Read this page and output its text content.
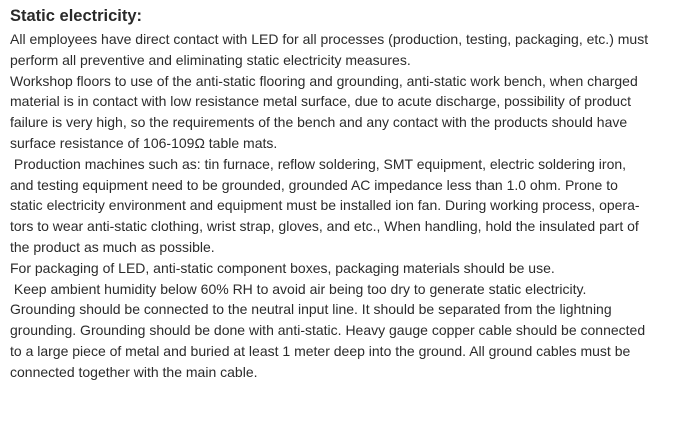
Static electricity:
All employees have direct contact with LED for all processes (production, testing, packaging, etc.) must
perform all preventive and eliminating static electricity measures.
Workshop floors to use of the anti-static flooring and grounding, anti-static work bench, when charged
material is in contact with low resistance metal surface, due to acute discharge, possibility of product
failure is very high, so the requirements of the bench and any contact with the products should have
surface resistance of 106-109Ω table mats.
Production machines such as: tin furnace, reflow soldering, SMT equipment, electric soldering iron,
and testing equipment need to be grounded, grounded AC impedance less than 1.0 ohm. Prone to
static electricity environment and equipment must be installed ion fan. During working process, opera-
tors to wear anti-static clothing, wrist strap, gloves, and etc., When handling, hold the insulated part of
the product as much as possible.
For packaging of LED, anti-static component boxes, packaging materials should be use.
Keep ambient humidity below 60% RH to avoid air being too dry to generate static electricity.
Grounding should be connected to the neutral input line. It should be separated from the lightning
grounding. Grounding should be done with anti-static. Heavy gauge copper cable should be connected
to a large piece of metal and buried at least 1 meter deep into the ground. All ground cables must be
connected together with the main cable.
